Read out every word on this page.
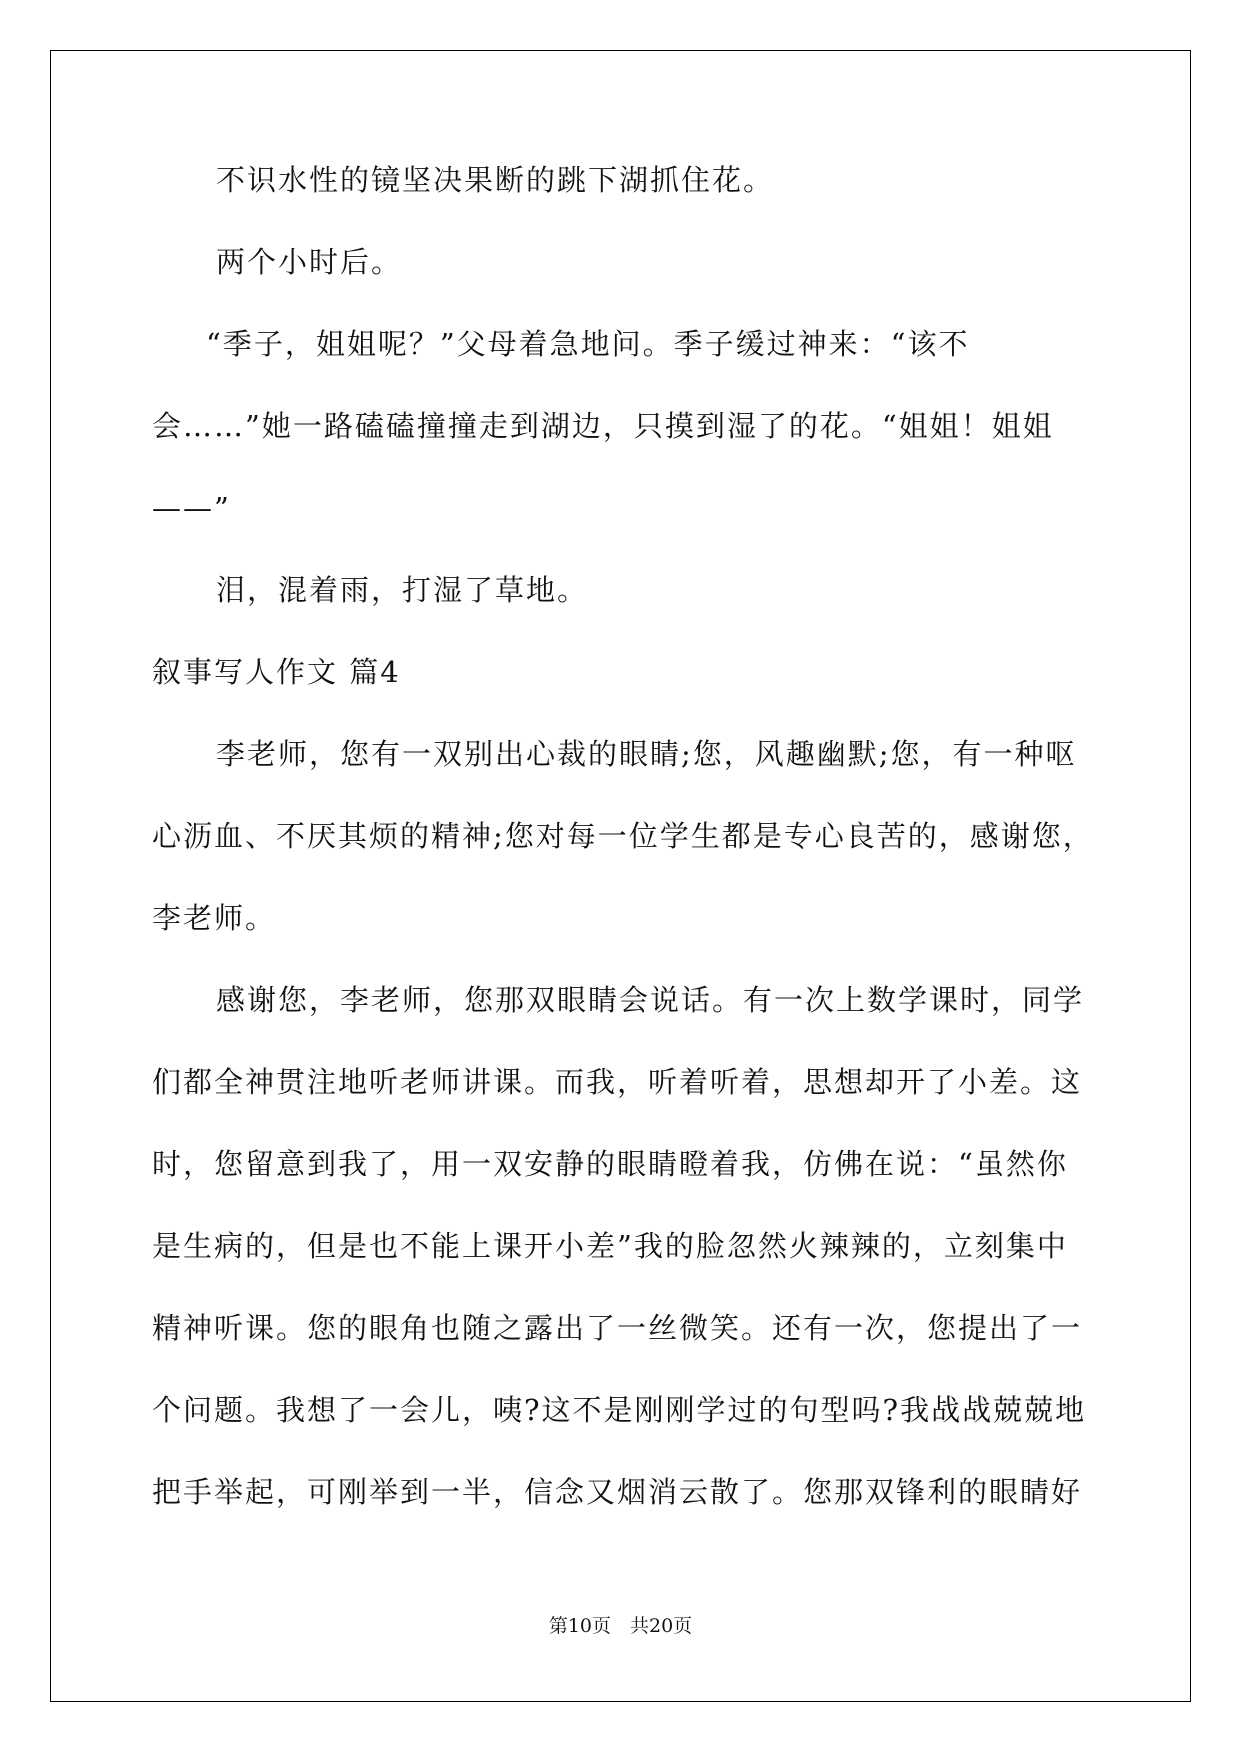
不识水性的镜坚决果断的跳下湖抓住花。
两个小时后。
“季子，姐姐呢？”父母着急地问。季子缓过神来：“该不
会……”她一路磕磕撞撞走到湖边，只摸到湿了的花。“姐姐！姐姐
——”
泪，混着雨，打湿了草地。
叙事写人作文 篇4
李老师，您有一双别出心裁的眼睛;您，风趣幽默;您，有一种呕
心沥血、不厌其烦的精神;您对每一位学生都是专心良苦的，感谢您，
李老师。
感谢您，李老师，您那双眼睛会说话。有一次上数学课时，同学
们都全神贯注地听老师讲课。而我，听着听着，思想却开了小差。这
时，您留意到我了，用一双安静的眼睛瞪着我，仿佛在说：“虽然你
是生病的，但是也不能上课开小差”我的脸忽然火辣辣的，立刻集中
精神听课。您的眼角也随之露出了一丝微笑。还有一次，您提出了一
个问题。我想了一会儿，咦?这不是刚刚学过的句型吗?我战战兢兢地
把手举起，可刚举到一半，信念又烟消云散了。您那双锋利的眼睛好
第10页　共20页
